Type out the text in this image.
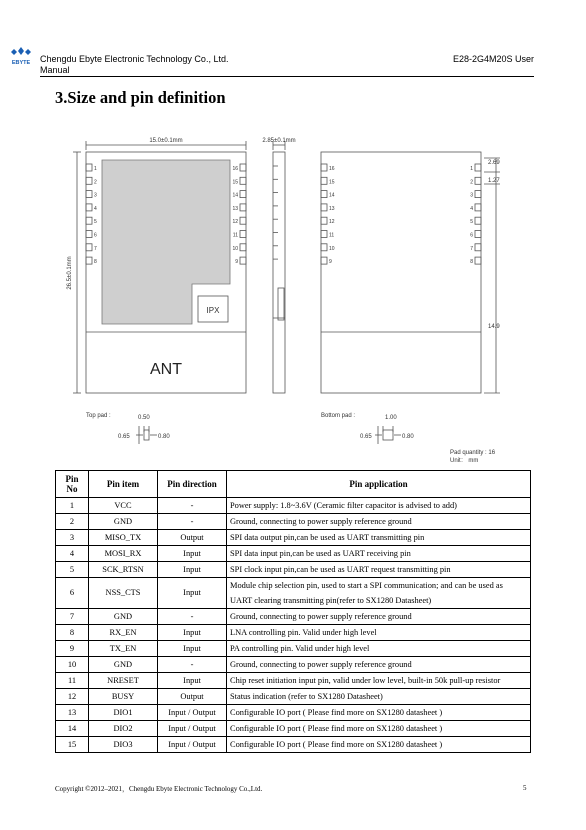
EBYTE Chengdu Ebyte Electronic Technology Co., Ltd.
Manual
E28-2G4M20S User
3.Size and pin definition
1
2
3
4
5
6
7
8
16
15
14
13
12
11
10
9
16
15
14
13
12
11
10
9
1
2
3
4
5
6
7
8
15.0±0.1mm	2.85±0.1mm
26.5±0.1mm
IPX
ANT
2.69
1.27
14.9
Top pad :	Bottom pad :
0.50	1.00
0.65	0.80	0.65	0.80
Pad quantity : 16
Unit： mm
Pin No	Pin item	Pin direction	Pin application
1	VCC	-	Power supply: 1.8~3.6V (Ceramic filter capacitor is advised to add)
2	GND	-	Ground, connecting to power supply reference ground
3	MISO_TX	Output	SPI data output pin,can be used as UART transmitting pin
4	MOSI_RX	Input	SPI data input pin,can be used as UART receiving pin
5	SCK_RTSN	Input	SPI clock input pin,can be used as UART request transmitting pin
6	NSS_CTS	Input	Module chip selection pin, used to start a SPI communication; and can be used as UART clearing transmitting pin(refer to SX1280 Datasheet)
7	GND	-	Ground, connecting to power supply reference ground
8	RX_EN	Input	LNA controlling pin. Valid under high level
9	TX_EN	Input	PA controlling pin. Valid under high level
10	GND	-	Ground, connecting to power supply reference ground
11	NRESET	Input	Chip reset initiation input pin, valid under low level, built-in 50k pull-up resistor
12	BUSY	Output	Status indication (refer to SX1280 Datasheet)
13	DIO1	Input / Output	Configurable IO port ( Please find more on SX1280 datasheet )
14	DIO2	Input / Output	Configurable IO port ( Please find more on SX1280 datasheet )
15	DIO3	Input / Output	Configurable IO port ( Please find more on SX1280 datasheet )
Copyright ©2012–2021，Chengdu Ebyte Electronic Technology Co.,Ltd.	5
